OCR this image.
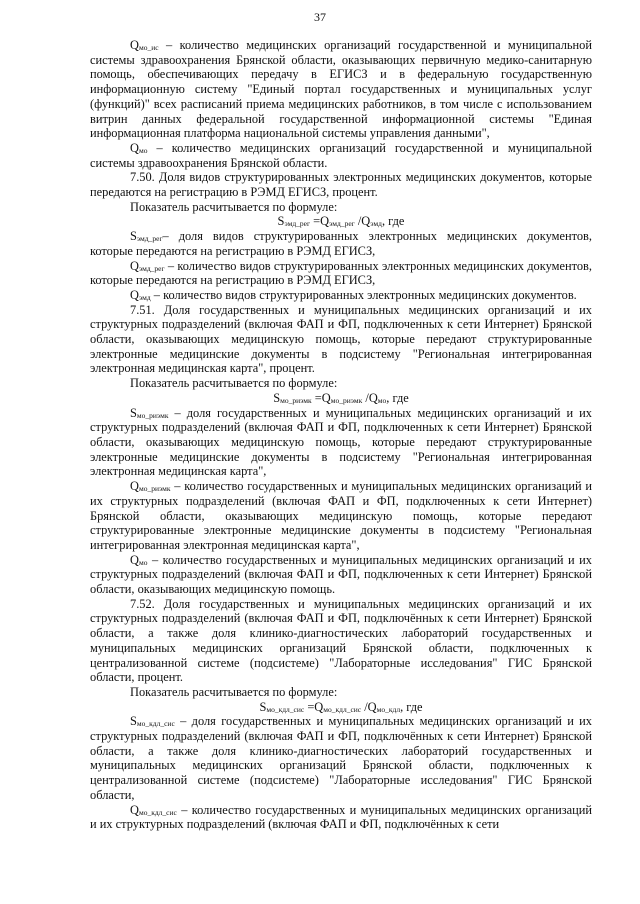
37

$Q_{мо\_ис}$ – количество медицинских организаций государственной и муниципальной системы здравоохранения Брянской области, оказывающих первичную медико-санитарную помощь, обеспечивающих передачу в ЕГИСЗ и в федеральную государственную информационную систему "Единый портал государственных и муниципальных услуг (функций)" всех расписаний приема медицинских работников, в том числе с использованием витрин данных федеральной государственной информационной системы "Единая информационная платформа национальной системы управления данными",

$Q_{мо}$ – количество медицинских организаций государственной и муниципальной системы здравоохранения Брянской области.

7.50. Доля видов структурированных электронных медицинских документов, которые передаются на регистрацию в РЭМД ЕГИСЗ, процент.

Показатель расчитывается по формуле:

$S_{эмд\_рег} =Q_{эмд\_рег}$ $/Q_{эмд}$, где

$S_{эмд\_рег}-$ доля видов структурированных электронных медицинских документов, которые передаются на регистрацию в РЭМД ЕГИСЗ,

$Q_{эмд\_рег}$ – количество видов структурированных электронных медицинских документов, которые передаются на регистрацию в РЭМД ЕГИСЗ,

$Q_{эмд}$ – количество видов структурированных электронных медицинских документов.

7.51. Доля государственных и муниципальных медицинских организаций и их структурных подразделений (включая ФАП и ФП, подключенных к сети Интернет) Брянской области, оказывающих медицинскую помощь, которые передают структурированные электронные медицинские документы в подсистему "Региональная интегрированная электронная медицинская карта", процент.

Показатель расчитывается по формуле:

$S_{мо\_риэмк} =Q_{мо\_риэмк}$ $/Q_{мо}$, где

$S_{мо\_риэмк}$ – доля государственных и муниципальных медицинских организаций и их структурных подразделений (включая ФАП и ФП, подключенных к сети Интернет) Брянской области, оказывающих медицинскую помощь, которые передают структурированные электронные медицинские документы в подсистему "Региональная интегрированная электронная медицинская карта",

$Q_{мо\_риэмк}$ – количество государственных и муниципальных медицинских организаций и их структурных подразделений (включая ФАП и ФП, подключенных к сети Интернет) Брянской области, оказывающих медицинскую помощь, которые передают структурированные электронные медицинские документы в подсистему "Региональная интегрированная электронная медицинская карта",

$Q_{мо}$ – количество государственных и муниципальных медицинских организаций и их структурных подразделений (включая ФАП и ФП, подключенных к сети Интернет) Брянской области, оказывающих медицинскую помощь.

7.52. Доля государственных и муниципальных медицинских организаций и их структурных подразделений (включая ФАП и ФП, подключённых к сети Интернет) Брянской области, а также доля клинико-диагностических лабораторий государственных и муниципальных медицинских организаций Брянской области, подключенных к централизованной системе (подсистеме) "Лабораторные исследования" ГИС Брянской области, процент.

Показатель расчитывается по формуле:

$S_{мо\_кдл\_сис} =Q_{мо\_кдл\_сис}$ $/Q_{мо\_кдл}$, где

$S_{мо\_кдл\_сис}$ – доля государственных и муниципальных медицинских организаций и их структурных подразделений (включая ФАП и ФП, подключённых к сети Интернет) Брянской области, а также доля клинико-диагностических лабораторий государственных и муниципальных медицинских организаций Брянской области, подключенных к централизованной системе (подсистеме) "Лабораторные исследования" ГИС Брянской области,

$Q_{мо\_кдл\_сис}$ – количество государственных и муниципальных медицинских организаций и их структурных подразделений (включая ФАП и ФП, подключённых к сети
